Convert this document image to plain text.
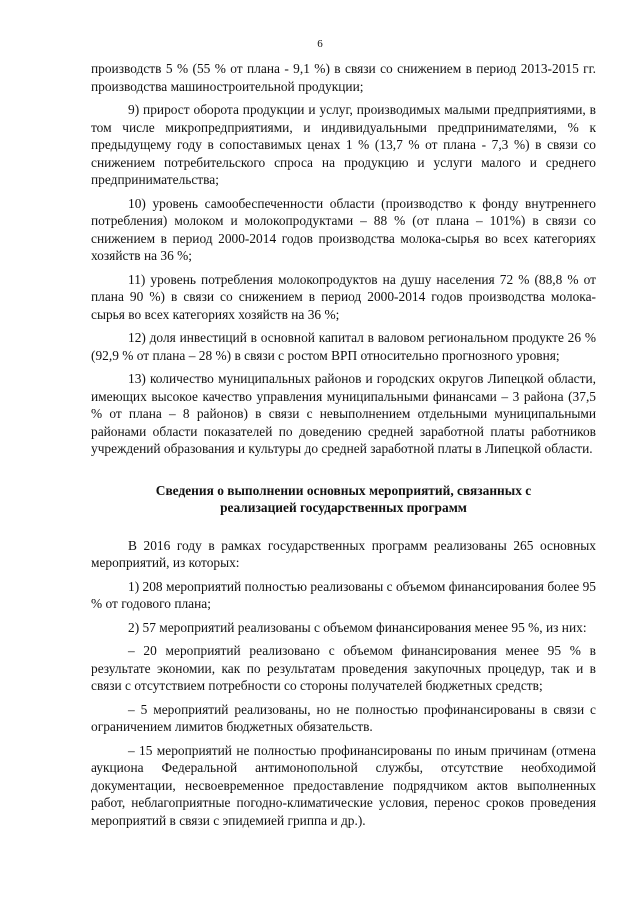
6

производств 5 % (55 % от плана - 9,1 %) в связи со снижением в период 2013-2015 гг. производства машиностроительной продукции;

9) прирост оборота продукции и услуг, производимых малыми предприятиями, в том числе микропредприятиями, и индивидуальными предпринимателями, % к предыдущему году в сопоставимых ценах 1 % (13,7 % от плана - 7,3 %) в связи со снижением потребительского спроса на продукцию и услуги малого и среднего предпринимательства;

10) уровень самообеспеченности области (производство к фонду внутреннего потребления) молоком и молокопродуктами – 88 % (от плана – 101%) в связи со снижением в период 2000-2014 годов производства молока-сырья во всех категориях хозяйств на 36 %;

11) уровень потребления молокопродуктов на душу населения 72 % (88,8 % от плана 90 %) в связи со снижением в период 2000-2014 годов производства молока-сырья во всех категориях хозяйств на 36 %;

12) доля инвестиций в основной капитал в валовом региональном продукте 26 % (92,9 % от плана – 28 %) в связи с ростом ВРП относительно прогнозного уровня;

13) количество муниципальных районов и городских округов Липецкой области, имеющих высокое качество управления муниципальными финансами – 3 района (37,5 % от плана – 8 районов) в связи с невыполнением отдельными муниципальными районами области показателей по доведению средней заработной платы работников учреждений образования и культуры до средней заработной платы в Липецкой области.

Сведения о выполнении основных мероприятий, связанных с
реализацией государственных программ

В 2016 году в рамках государственных программ реализованы 265 основных мероприятий, из которых:

1) 208 мероприятий полностью реализованы с объемом финансирования более 95 % от годового плана;

2) 57 мероприятий реализованы с объемом финансирования менее 95 %, из них:

– 20 мероприятий реализовано с объемом финансирования менее 95 % в результате экономии, как по результатам проведения закупочных процедур, так и в связи с отсутствием потребности со стороны получателей бюджетных средств;

– 5 мероприятий реализованы, но не полностью профинансированы в связи с ограничением лимитов бюджетных обязательств.

– 15 мероприятий не полностью профинансированы по иным причинам (отмена аукциона Федеральной антимонопольной службы, отсутствие необходимой документации, несвоевременное предоставление подрядчиком актов выполненных работ, неблагоприятные погодно-климатические условия, перенос сроков проведения мероприятий в связи с эпидемией гриппа и др.).
